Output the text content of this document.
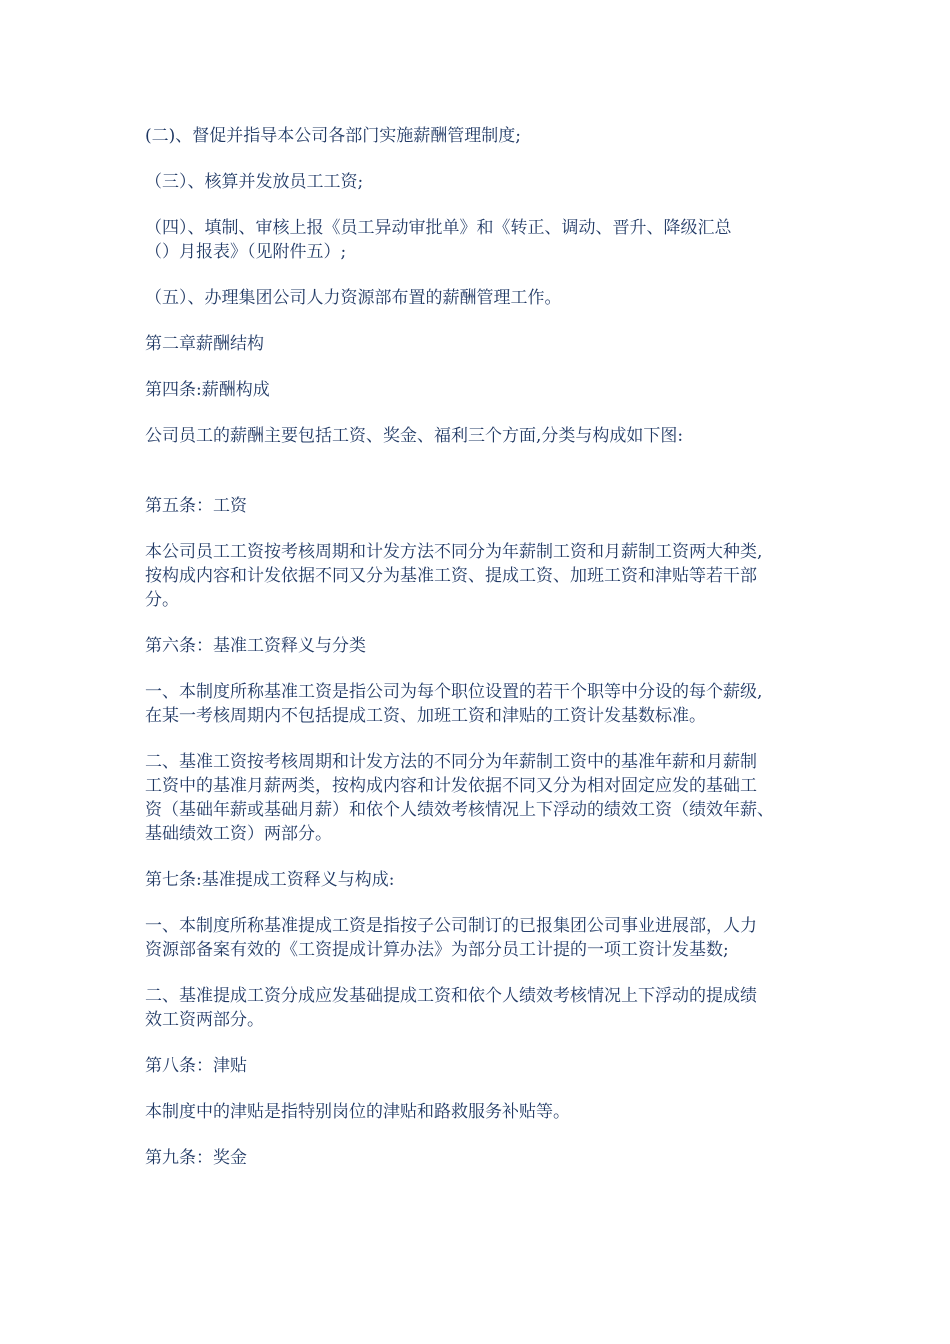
(二)、督促并指导本公司各部门实施薪酬管理制度;

（三）、核算并发放员工工资;

（四）、填制、审核上报《员工异动审批单》和《转正、调动、晋升、降级汇总
（）月报表》（见附件五）;

（五）、办理集团公司人力资源部布置的薪酬管理工作。

第二章薪酬结构

第四条:薪酬构成

公司员工的薪酬主要包括工资、奖金、福利三个方面,分类与构成如下图:

第五条：工资

本公司员工工资按考核周期和计发方法不同分为年薪制工资和月薪制工资两大种类,
按构成内容和计发依据不同又分为基准工资、提成工资、加班工资和津贴等若干部
分。

第六条：基准工资释义与分类

一、本制度所称基准工资是指公司为每个职位设置的若干个职等中分设的每个薪级,
在某一考核周期内不包括提成工资、加班工资和津贴的工资计发基数标准。

二、基准工资按考核周期和计发方法的不同分为年薪制工资中的基准年薪和月薪制
工资中的基准月薪两类，按构成内容和计发依据不同又分为相对固定应发的基础工
资（基础年薪或基础月薪）和依个人绩效考核情况上下浮动的绩效工资（绩效年薪、
基础绩效工资）两部分。

第七条:基准提成工资释义与构成:

一、本制度所称基准提成工资是指按子公司制订的已报集团公司事业进展部，人力
资源部备案有效的《工资提成计算办法》为部分员工计提的一项工资计发基数;

二、基准提成工资分成应发基础提成工资和依个人绩效考核情况上下浮动的提成绩
效工资两部分。

第八条：津贴

本制度中的津贴是指特别岗位的津贴和路救服务补贴等。

第九条：奖金
